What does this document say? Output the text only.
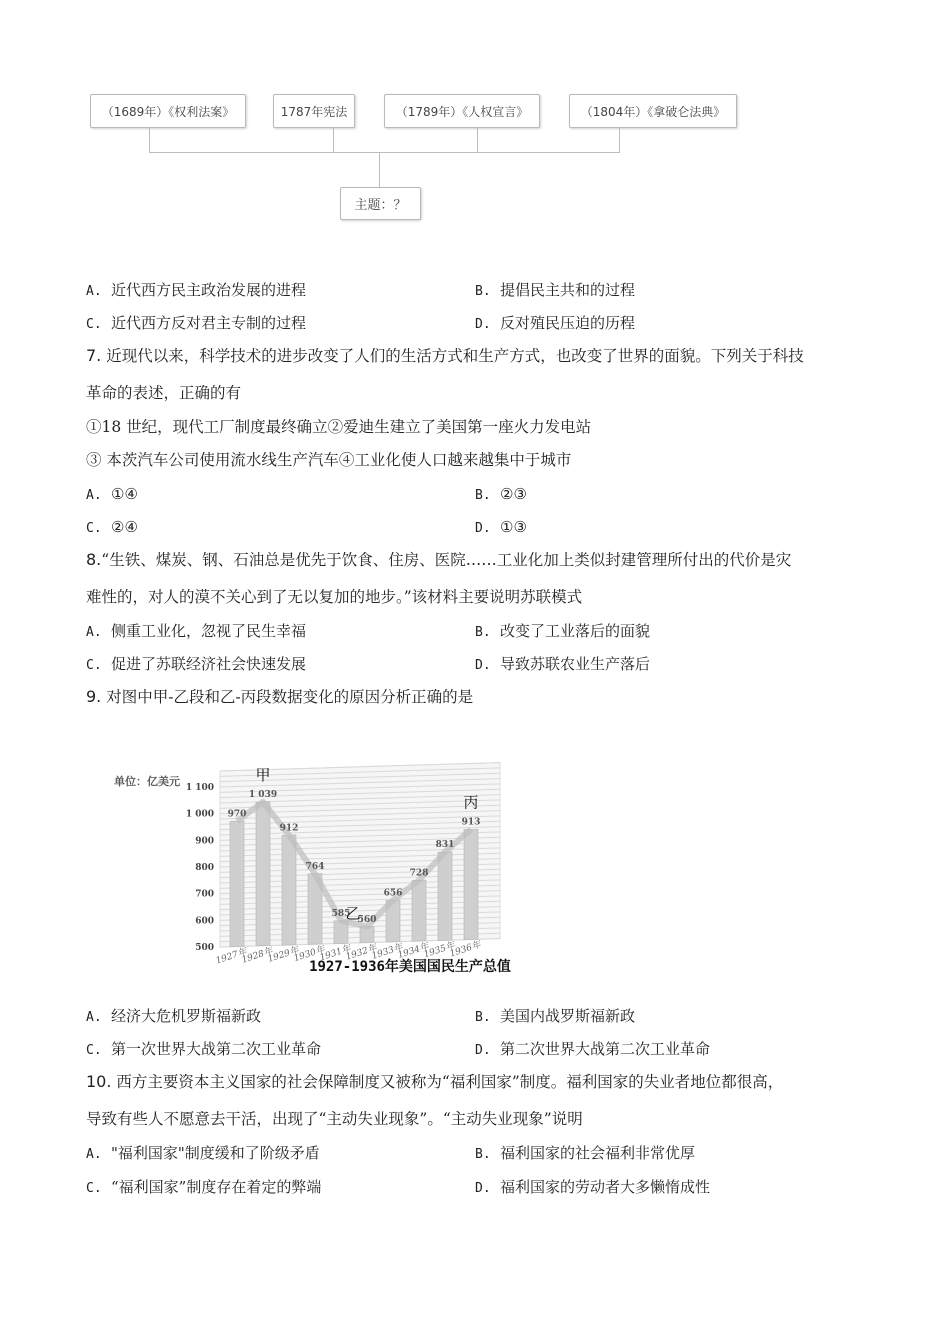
（1689年）《权利法案》	1787年宪法	（1789年）《人权宣言》	（1804年）《拿破仑法典》
主题：？
A. 近代西方民主政治发展的进程	B. 提倡民主共和的过程
C. 近代西方反对君主专制的过程	D. 反对殖民压迫的历程
7. 近现代以来，科学技术的进步改变了人们的生活方式和生产方式，也改变了世界的面貌。下列关于科技
革命的表述，正确的有
①18 世纪，现代工厂制度最终确立②爱迪生建立了美国第一座火力发电站
③ 本茨汽车公司使用流水线生产汽车④工业化使人口越来越集中于城市
A. ①④	B. ②③
C. ②④	D. ①③
8.“生铁、煤炭、钢、石油总是优先于饮食、住房、医院……工业化加上类似封建管理所付出的代价是灾
难性的，对人的漠不关心到了无以复加的地步。”该材料主要说明苏联模式
A. 侧重工业化，忽视了民生幸福	B. 改变了工业落后的面貌
C. 促进了苏联经济社会快速发展	D. 导致苏联农业生产落后
9. 对图中甲-乙段和乙-丙段数据变化的原因分析正确的是
500
600
700
800
900
1 000
1 100
970
1 039
912
764
585
560
656
728
831
913
1927年
1928年
1929年
1930年
1931年
1932年
1933年
1934年
1935年
1936年
甲
乙
丙
单位：亿美元
1927-1936年美国国民生产总值
A. 经济大危机罗斯福新政	B. 美国内战罗斯福新政
C. 第一次世界大战第二次工业革命	D. 第二次世界大战第二次工业革命
10. 西方主要资本主义国家的社会保障制度又被称为“福利国家”制度。福利国家的失业者地位都很高，
导致有些人不愿意去干活，出现了“主动失业现象”。“主动失业现象”说明
A. "福利国家"制度缓和了阶级矛盾	B. 福利国家的社会福利非常优厚
C. “福利国家”制度存在着定的弊端	D. 福利国家的劳动者大多懒惰成性
